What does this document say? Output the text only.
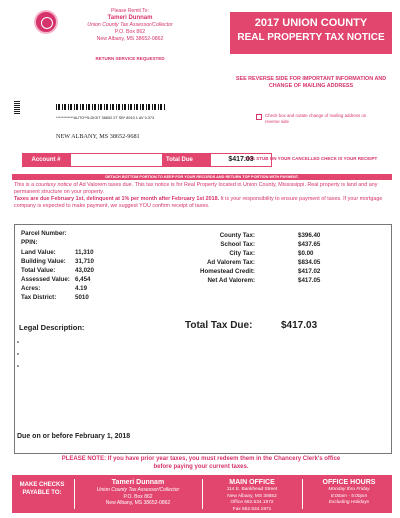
Please Remit To:
Tameri Dunnam
Union County Tax Assessor/Collector
P.O. Box 862
New Albany, MS 38652-0862
RETURN SERVICE REQUESTED
2017 UNION COUNTY
REAL PROPERTY TAX NOTICE
SEE REVERSE SIDE FOR IMPORTANT INFORMATION AND CHANGE OF MAILING ADDRESS
Check box and notate change of mailing address on reverse side
THIS STUB ON YOUR CANCELLED CHECK IS YOUR RECEIPT
************AUTO**5-DIGIT 38652 2T SB* 8910 1 AV 0.373
NEW ALBANY, MS 38652-9681
Account #	Total Due	$417.03
DETACH BOTTOM PORTION TO KEEP FOR YOUR RECORDS AND RETURN TOP PORTION WITH PAYMENT.
This is a courtesy notice of Ad Valorem taxes due. This tax notice is for Real Property located in Union County, Mississippi. Real property is land and any permanent structure on your property.
Taxes are due February 1st, delinquent at 1% per month after February 1st 2018. It is your responsibility to ensure payment of taxes. If your mortgage company is expected to make payment, we suggest YOU confirm receipt of taxes.
Parcel Number:
PPIN:
Land Value:	11,310
Building Value: 31,710
Total Value:	43,020
Assessed Value: 6,454
Acres:	4.19
Tax District:	5010
County Tax:	$396.40
School Tax:	$437.65
City Tax:	$0.00
Ad Valorem Tax:	$834.05
Homestead Credit:	$417.02
Net Ad Valorem:	$417.05
Total Tax Due:	$417.03
Legal Description:
Due on or before February 1, 2018
PLEASE NOTE: If you have prior year taxes, you must redeem them in the Chancery Clerk's office
before paying your current taxes.
MAKE CHECKS PAYABLE TO:
Tameri Dunnam
Union County Tax Assessor/Collector
P.O. Box 862
New Albany, MS 38652-0862
MAIN OFFICE
114 E. Bankhead Street
New Albany, MS 38652
Office 662.534.1972
Fax 662.534.1971
OFFICE HOURS
Monday thru Friday
8:00am - 5:00pm
Excluding Holidays
